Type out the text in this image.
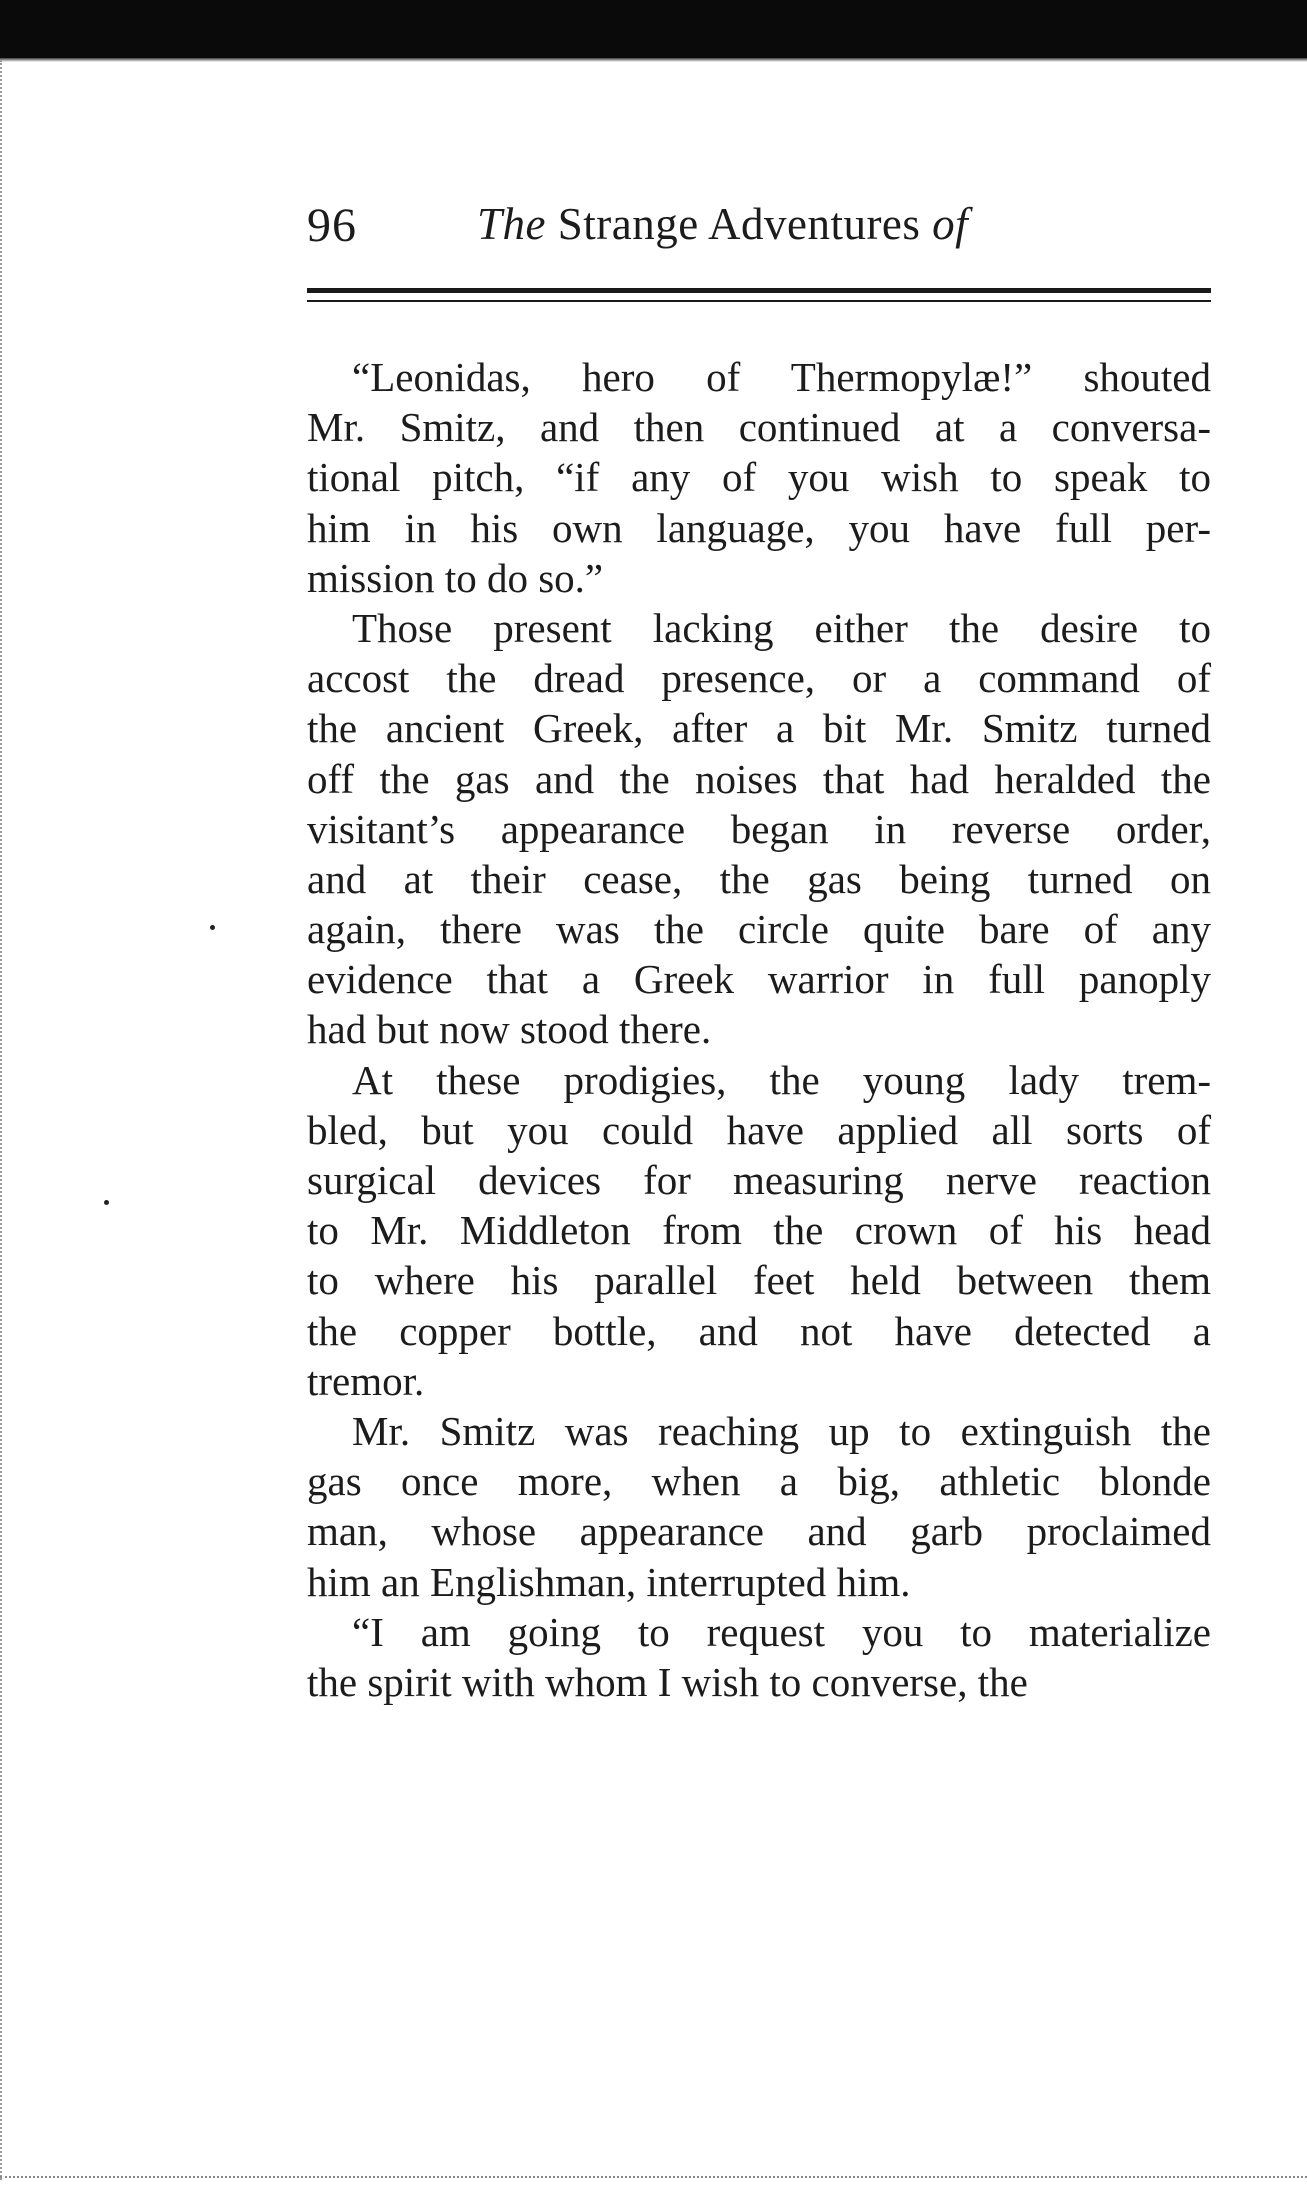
96	The Strange Adventures of
“Leonidas, hero of Thermopylæ!” shouted
Mr. Smitz, and then continued at a conversa-
tional pitch, “if any of you wish to speak to
him in his own language, you have full per-
mission to do so.”
Those present lacking either the desire to
accost the dread presence, or a command of
the ancient Greek, after a bit Mr. Smitz turned
off the gas and the noises that had heralded the
visitant’s appearance began in reverse order,
and at their cease, the gas being turned on
again, there was the circle quite bare of any
evidence that a Greek warrior in full panoply
had but now stood there.
At these prodigies, the young lady trem-
bled, but you could have applied all sorts of
surgical devices for measuring nerve reaction
to Mr. Middleton from the crown of his head
to where his parallel feet held between them
the copper bottle, and not have detected a
tremor.
Mr. Smitz was reaching up to extinguish the
gas once more, when a big, athletic blonde
man, whose appearance and garb proclaimed
him an Englishman, interrupted him.
“I am going to request you to materialize
the spirit with whom I wish to converse, the
